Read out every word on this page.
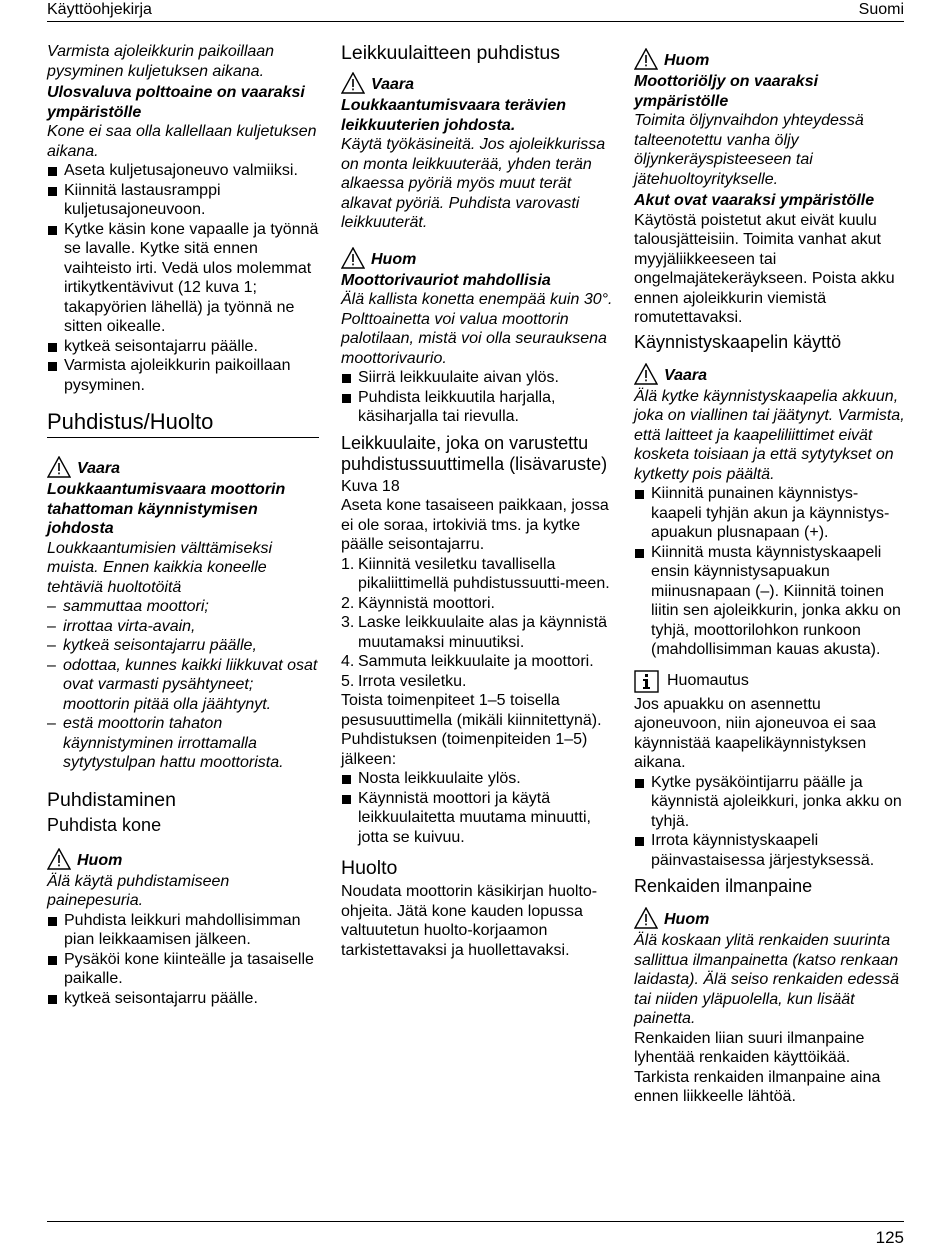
Käyttöohjekirja	Suomi

Varmista ajoleikkurin paikoillaan pysyminen kuljetuksen aikana.

Ulosvaluva polttoaine on vaaraksi ympäristölle

Kone ei saa olla kallellaan kuljetuksen aikana.

Aseta kuljetusajoneuvo valmiiksi.
Kiinnitä lastausramppi kuljetusajoneuvoon.
Kytke käsin kone vapaalle ja työnnä se lavalle. Kytke sitä ennen vaihteisto irti. Vedä ulos molemmat irtikytkentävivut (12 kuva 1; takapyörien lähellä) ja työnnä ne sitten oikealle.
kytkeä seisontajarru päälle.
Varmista ajoleikkurin paikoillaan pysyminen.
Puhdistus/Huolto
Vaara

Loukkaantumisvaara moottorin tahattoman käynnistymisen johdosta

Loukkaantumisien välttämiseksi muista. Ennen kaikkia koneelle tehtäviä huoltotöitä

– sammuttaa moottori;
– irrottaa virta-avain,
– kytkeä seisontajarru päälle,
– odottaa, kunnes kaikki liikkuvat osat ovat varmasti pysähtyneet; moottorin pitää olla jäähtynyt.
– estä moottorin tahaton käynnistyminen irrottamalla sytytystulpan hattu moottorista.
Puhdistaminen
Puhdista kone
Huom

Älä käytä puhdistamiseen painepesuria.

Puhdista leikkuri mahdollisimman pian leikkaamisen jälkeen.
Pysäköi kone kiinteälle ja tasaiselle paikalle.
kytkeä seisontajarru päälle.
Leikkuulaitteen puhdistus
Vaara

Loukkaantumisvaara terävien leikkuuterien johdosta.

Käytä työkäsineitä. Jos ajoleikkurissa on monta leikkuuterää, yhden terän alkaessa pyöriä myös muut terät alkavat pyöriä. Puhdista varovasti leikkuuterät.

Huom

Moottorivauriot mahdollisia

Älä kallista konetta enempää kuin 30°. Polttoainetta voi valua moottorin palotilaan, mistä voi olla seurauksena moottorivaurio.

Siirrä leikkuulaite aivan ylös.
Puhdista leikkuutila harjalla, käsiharjalla tai rievulla.
Leikkuulaite, joka on varustettu puhdistussuuttimella (lisävaruste)

Kuva 18

Aseta kone tasaiseen paikkaan, jossa ei ole soraa, irtokiviä tms. ja kytke päälle seisontajarru.

1. Kiinnitä vesiletku tavallisella pikaliittimellä puhdistussuutti-meen.
2. Käynnistä moottori.
3. Laske leikkuulaite alas ja käynnistä muutamaksi minuutiksi.
4. Sammuta leikkuulaite ja moottori.
5. Irrota vesiletku.

Toista toimenpiteet 1–5 toisella pesusuuttimella (mikäli kiinnitettynä).

Puhdistuksen (toimenpiteiden 1–5) jälkeen:

Nosta leikkuulaite ylös.
Käynnistä moottori ja käytä leikkuulaitetta muutama minuutti, jotta se kuivuu.
Huolto

Noudata moottorin käsikirjan huolto-ohjeita. Jätä kone kauden lopussa valtuutetun huolto-korjaamon tarkistettavaksi ja huollettavaksi.

Huom

Moottoriöljy on vaaraksi ympäristölle

Toimita öljynvaihdon yhteydessä talteenotettu vanha öljy öljynkeräyspisteeseen tai jätehuoltoyritykselle.

Akut ovat vaaraksi ympäristölle

Käytöstä poistetut akut eivät kuulu talousjätteisiin. Toimita vanhat akut myyjäliikkeeseen tai ongelmajätekeräykseen. Poista akku ennen ajoleikkurin viemistä romutettavaksi.

Käynnistyskaapelin käyttö
Vaara

Älä kytke käynnistyskaapelia akkuun, joka on viallinen tai jäätynyt. Varmista, että laitteet ja kaapeliliittimet eivät kosketa toisiaan ja että sytytykset on kytketty pois päältä.

Kiinnitä punainen käynnistys-kaapeli tyhjän akun ja käynnistys-apuakun plusnapaan (+).
Kiinnitä musta käynnistyskaapeli ensin käynnistysapuakun miinusnapaan (–). Kiinnitä toinen liitin sen ajoleikkurin, jonka akku on tyhjä, moottorilohkon runkoon (mahdollisimman kauas akusta).
Huomautus

Jos apuakku on asennettu ajoneuvoon, niin ajoneuvoa ei saa käynnistää kaapelikäynnistyksen aikana.

Kytke pysäköintijarru päälle ja käynnistä ajoleikkuri, jonka akku on tyhjä.
Irrota käynnistyskaapeli päinvastaisessa järjestyksessä.
Renkaiden ilmanpaine
Huom

Älä koskaan ylitä renkaiden suurinta sallittua ilmanpainetta (katso renkaan laidasta). Älä seiso renkaiden edessä tai niiden yläpuolella, kun lisäät painetta.

Renkaiden liian suuri ilmanpaine lyhentää renkaiden käyttöikää. Tarkista renkaiden ilmanpaine aina ennen liikkeelle lähtöä.

125
